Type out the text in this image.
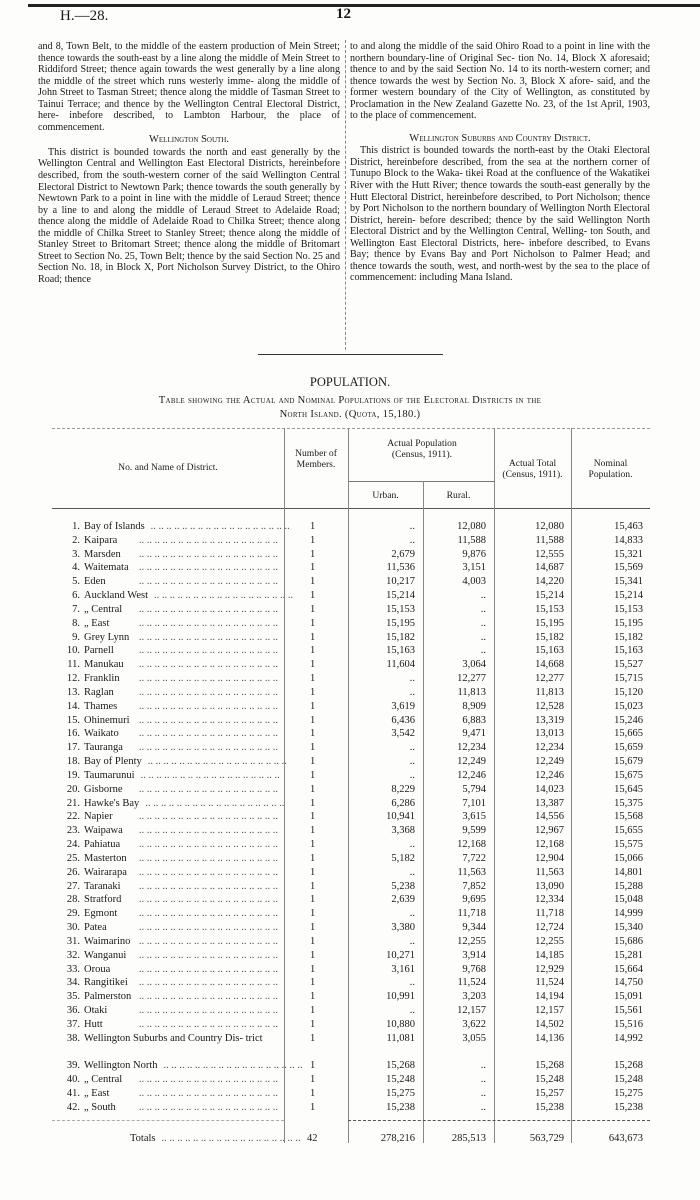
H.—28.	12

and 8, Town Belt, to the middle of the eastern production of Mein Street; thence towards the south-east by a line along the middle of Mein Street to Riddiford Street; thence again towards the west generally by a line along the middle of the street which runs westerly imme- along the middle of John Street to Tasman Street; thence along the middle of Tasman Street to Tainui Terrace; and thence by the Wellington Central Electoral District, here- inbefore described, to Lambton Harbour, the place of commencement.

Wellington South.

This district is bounded towards the north and east generally by the Wellington Central and Wellington East Electoral Districts, hereinbefore described, from the south-western corner of the said Wellington Central Electoral District to Newtown Park; thence towards the south generally by Newtown Park to a point in line with the middle of Leraud Street; thence by a line to and along the middle of Leraud Street to Adelaide Road; thence along the middle of Adelaide Road to Chilka Street; thence along the middle of Chilka Street to Stanley Street; thence along the middle of Stanley Street to Britomart Street; thence along the middle of Britomart Street to Section No. 25, Town Belt; thence by the said Section No. 25 and Section No. 18, in Block X, Port Nicholson Survey District, to the Ohiro Road; thence

to and along the middle of the said Ohiro Road to a point in line with the northern boundary-line of Original Sec- tion No. 14, Block X aforesaid; thence to and by the said Section No. 14 to its north-western corner; and thence towards the west by Section No. 3, Block X afore- said, and the former western boundary of the City of Wellington, as constituted by Proclamation in the New Zealand Gazette No. 23, of the 1st April, 1903, to the place of commencement.

Wellington Suburbs and Country District.

This district is bounded towards the north-east by the Otaki Electoral District, hereinbefore described, from the sea at the northern corner of Tunupo Block to the Waka- tikei Road at the confluence of the Wakatikei River with the Hutt River; thence towards the south-east generally by the Hutt Electoral District, hereinbefore described, to Port Nicholson; thence by Port Nicholson to the northern boundary of Wellington North Electoral District, herein- before described; thence by the said Wellington North Electoral District and by the Wellington Central, Welling- ton South, and Wellington East Electoral Districts, here- inbefore described, to Evans Bay; thence by Evans Bay and Port Nicholson to Palmer Head; and thence towards the south, west, and north-west by the sea to the place of commencement: including Mana Island.

POPULATION.
Table showing the Actual and Nominal Populations of the Electoral Districts in the
North Island. (Quota, 15,180.)
No. and Name of District.
Number of Members.
Actual Population (Census, 1911).
Urban.	Rural.
Actual Total (Census, 1911).
Nominal Population.
1. Bay of Islands .. .. .. .. .. .. .. .. .. .. .. .. .. .. .. .. .. .. 1	..	12,080	12,080	15,463
2. Kaipara	.. .. .. .. .. .. .. .. .. .. .. .. .. .. .. .. .. ..	1	..	11,588	11,588	14,833
3. Marsden	.. .. .. .. .. .. .. .. .. .. .. .. .. .. .. .. .. ..	1	2,679	9,876	12,555	15,321
4. Waitemata .. .. .. .. .. .. .. .. .. .. .. .. .. .. .. .. .. ..	1	11,536	3,151	14,687	15,569
5. Eden	.. .. .. .. .. .. .. .. .. .. .. .. .. .. .. .. .. ..	1	10,217	4,003	14,220	15,341
6. Auckland West .. .. .. .. .. .. .. .. .. .. .. .. .. .. .. .. .. .. 1	15,214	..	15,214	15,214
7. „ Central	.. .. .. .. .. .. .. .. .. .. .. .. .. .. .. .. .. ..	1	15,153	..	15,153	15,153
8. „ East	.. .. .. .. .. .. .. .. .. .. .. .. .. .. .. .. .. ..	1	15,195	..	15,195	15,195
9. Grey Lynn .. .. .. .. .. .. .. .. .. .. .. .. .. .. .. .. .. ..	1	15,182	..	15,182	15,182
10. Parnell	.. .. .. .. .. .. .. .. .. .. .. .. .. .. .. .. .. ..	1	15,163	..	15,163	15,163
11. Manukau	.. .. .. .. .. .. .. .. .. .. .. .. .. .. .. .. .. ..	1	11,604	3,064	14,668	15,527
12. Franklin	.. .. .. .. .. .. .. .. .. .. .. .. .. .. .. .. .. ..	1	..	12,277	12,277	15,715
13. Raglan	.. .. .. .. .. .. .. .. .. .. .. .. .. .. .. .. .. ..	1	..	11,813	11,813	15,120
14. Thames	.. .. .. .. .. .. .. .. .. .. .. .. .. .. .. .. .. ..	1	3,619	8,909	12,528	15,023
15. Ohinemuri .. .. .. .. .. .. .. .. .. .. .. .. .. .. .. .. .. ..	1	6,436	6,883	13,319	15,246
16. Waikato	.. .. .. .. .. .. .. .. .. .. .. .. .. .. .. .. .. ..	1	3,542	9,471	13,013	15,665
17. Tauranga	.. .. .. .. .. .. .. .. .. .. .. .. .. .. .. .. .. ..	1	..	12,234	12,234	15,659
18. Bay of Plenty .. .. .. .. .. .. .. .. .. .. .. .. .. .. .. .. .. .. 1	..	12,249	12,249	15,679
19. Taumarunui .. .. .. .. .. .. .. .. .. .. .. .. .. .. .. .. .. ..	1	..	12,246	12,246	15,675
20. Gisborne	.. .. .. .. .. .. .. .. .. .. .. .. .. .. .. .. .. ..	1	8,229	5,794	14,023	15,645
21. Hawke's Bay .. .. .. .. .. .. .. .. .. .. .. .. .. .. .. .. .. .. 1	6,286	7,101	13,387	15,375
22. Napier	.. .. .. .. .. .. .. .. .. .. .. .. .. .. .. .. .. ..	1	10,941	3,615	14,556	15,568
23. Waipawa	.. .. .. .. .. .. .. .. .. .. .. .. .. .. .. .. .. ..	1	3,368	9,599	12,967	15,655
24. Pahiatua	.. .. .. .. .. .. .. .. .. .. .. .. .. .. .. .. .. ..	1	..	12,168	12,168	15,575
25. Masterton	.. .. .. .. .. .. .. .. .. .. .. .. .. .. .. .. .. ..	1	5,182	7,722	12,904	15,066
26. Wairarapa	.. .. .. .. .. .. .. .. .. .. .. .. .. .. .. .. .. ..	1	..	11,563	11,563	14,801
27. Taranaki	.. .. .. .. .. .. .. .. .. .. .. .. .. .. .. .. .. ..	1	5,238	7,852	13,090	15,288
28. Stratford	.. .. .. .. .. .. .. .. .. .. .. .. .. .. .. .. .. ..	1	2,639	9,695	12,334	15,048
29. Egmont	.. .. .. .. .. .. .. .. .. .. .. .. .. .. .. .. .. ..	1	..	11,718	11,718	14,999
30. Patea	.. .. .. .. .. .. .. .. .. .. .. .. .. .. .. .. .. ..	1	3,380	9,344	12,724	15,340
31. Waimarino .. .. .. .. .. .. .. .. .. .. .. .. .. .. .. .. .. ..	1	..	12,255	12,255	15,686
32. Wanganui	.. .. .. .. .. .. .. .. .. .. .. .. .. .. .. .. .. ..	1	10,271	3,914	14,185	15,281
33. Oroua	.. .. .. .. .. .. .. .. .. .. .. .. .. .. .. .. .. ..	1	3,161	9,768	12,929	15,664
34. Rangitikei	.. .. .. .. .. .. .. .. .. .. .. .. .. .. .. .. .. ..	1	..	11,524	11,524	14,750
35. Palmerston .. .. .. .. .. .. .. .. .. .. .. .. .. .. .. .. .. ..	1	10,991	3,203	14,194	15,091
36. Otaki	.. .. .. .. .. .. .. .. .. .. .. .. .. .. .. .. .. ..	1	..	12,157	12,157	15,561
37. Hutt	.. .. .. .. .. .. .. .. .. .. .. .. .. .. .. .. .. ..	1	10,880	3,622	14,502	15,516
38. Wellington Suburbs and Country Dis- trict	1	11,081	3,055	14,136	14,992
39. Wellington North .. .. .. .. .. .. .. .. .. .. .. .. .. .. .. .. .. .. 1	15,268	..	15,268	15,268
40. „ Central	.. .. .. .. .. .. .. .. .. .. .. .. .. .. .. .. .. ..	1	15,248	..	15,248	15,248
41. „ East	.. .. .. .. .. .. .. .. .. .. .. .. .. .. .. .. .. ..	1	15,275	..	15,257	15,275
42. „ South	.. .. .. .. .. .. .. .. .. .. .. .. .. .. .. .. .. ..	1	15,238	..	15,238	15,238
Totals .. .. .. .. .. .. .. .. .. .. .. .. .. .. .. .. .. .. 42	278,216	285,513	563,729	643,673
